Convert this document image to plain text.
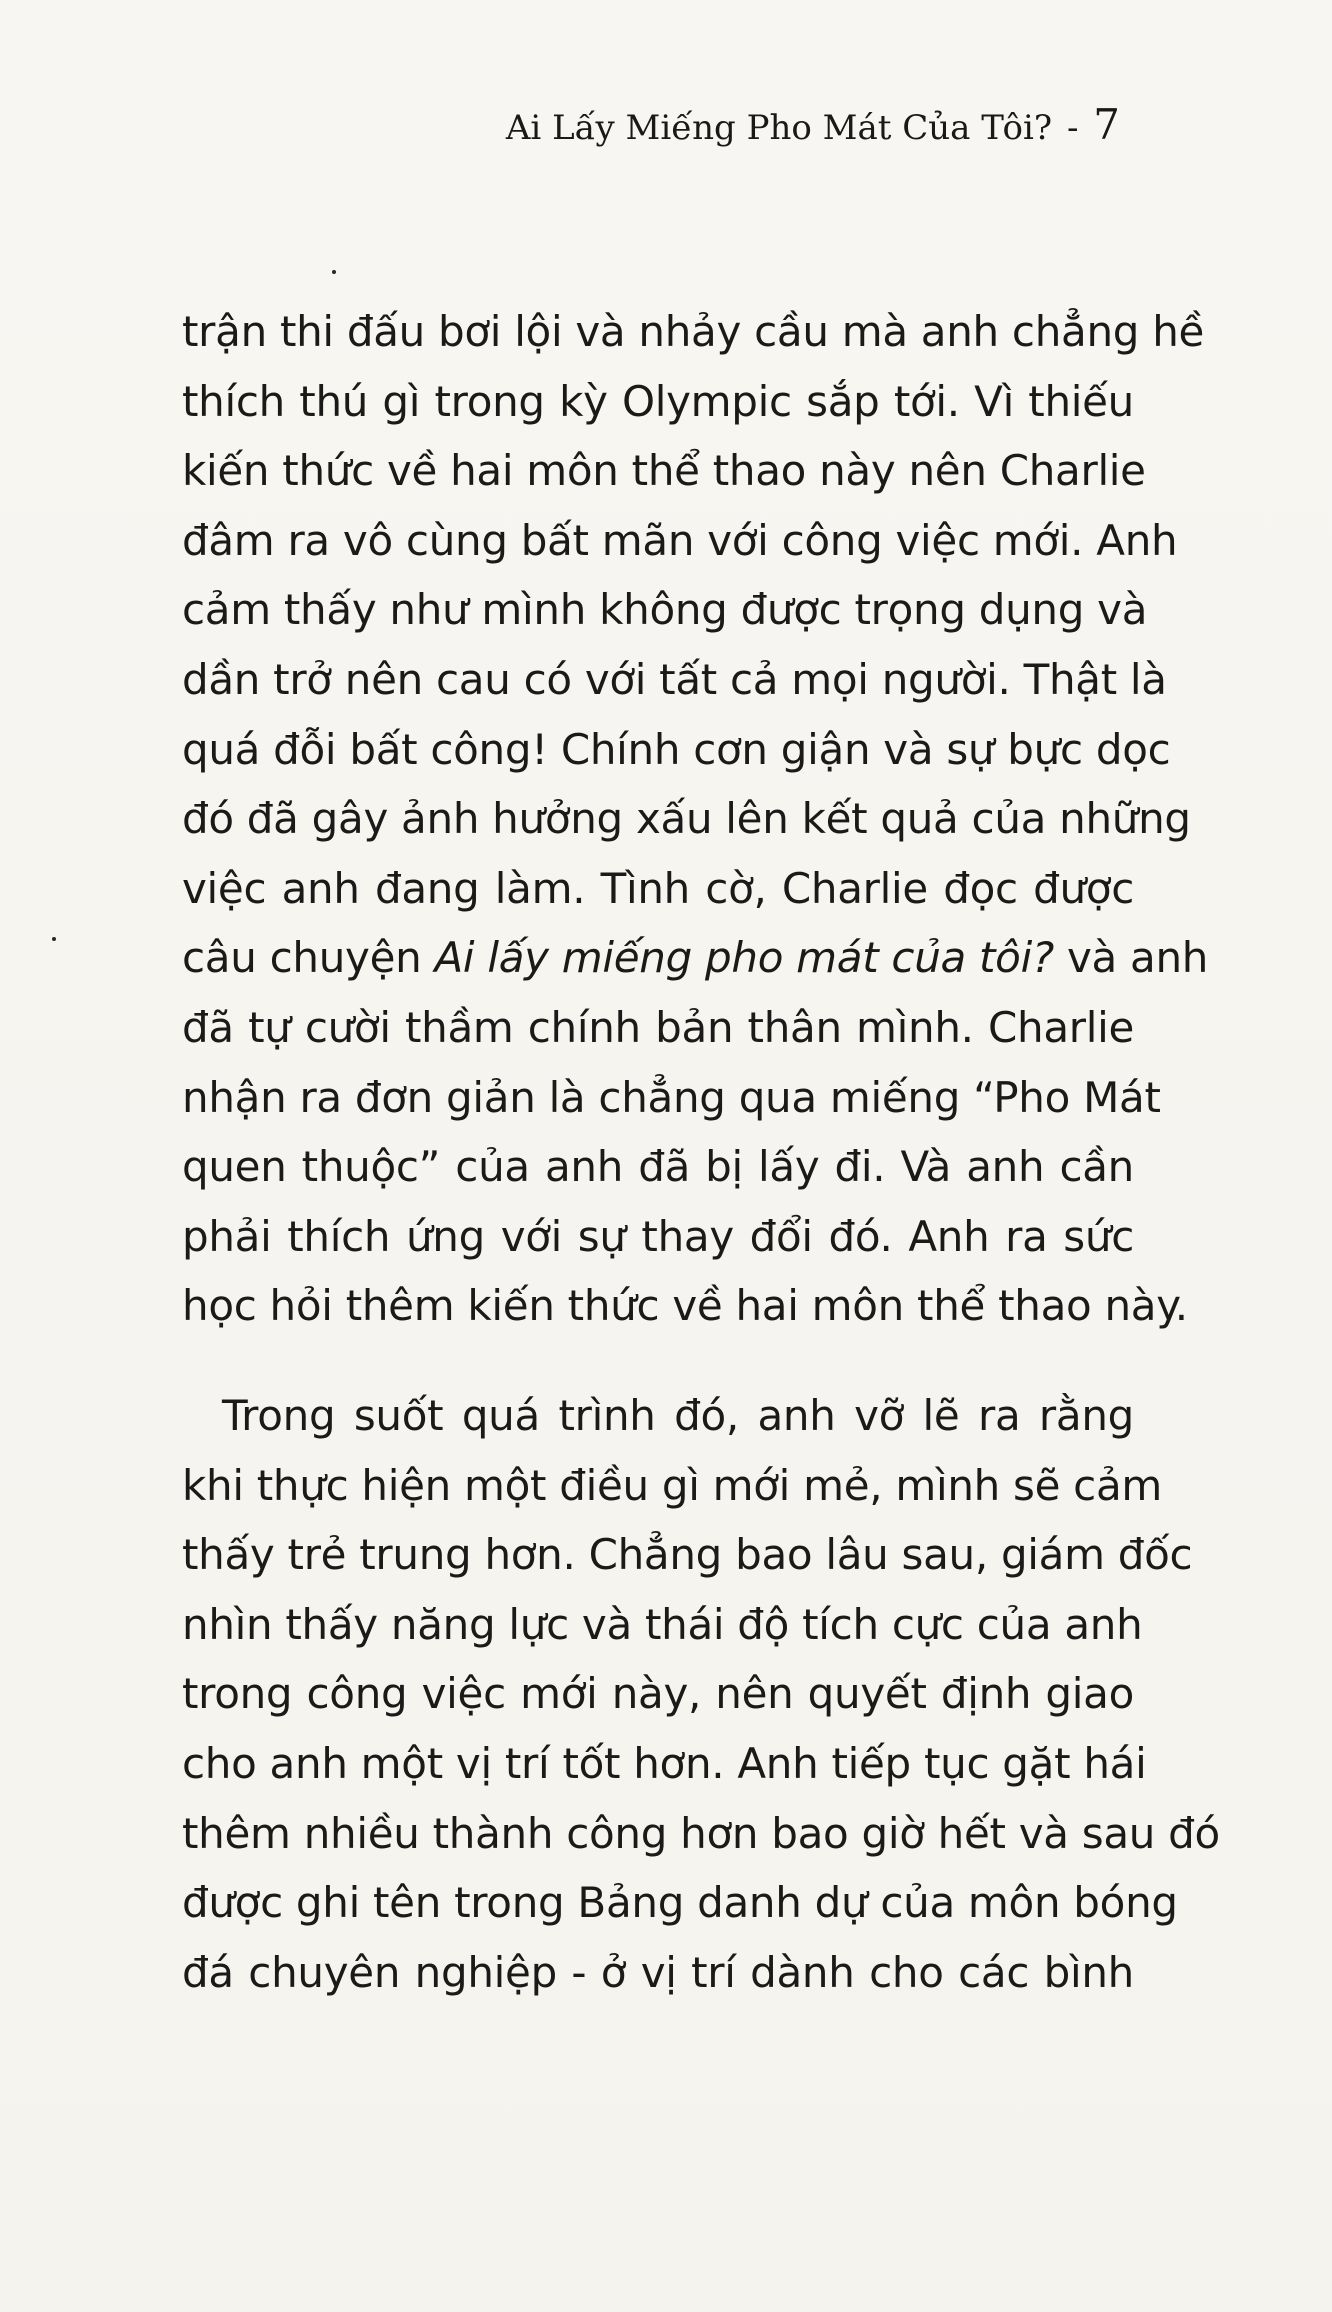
Ai Lấy Miếng Pho Mát Của Tôi? - 7
trận thi đấu bơi lội và nhảy cầu mà anh chẳng hề
thích thú gì trong kỳ Olympic sắp tới. Vì thiếu
kiến thức về hai môn thể thao này nên Charlie
đâm ra vô cùng bất mãn với công việc mới. Anh
cảm thấy như mình không được trọng dụng và
dần trở nên cau có với tất cả mọi người. Thật là
quá đỗi bất công! Chính cơn giận và sự bực dọc
đó đã gây ảnh hưởng xấu lên kết quả của những
việc anh đang làm. Tình cờ, Charlie đọc được
câu chuyện Ai lấy miếng pho mát của tôi? và anh
đã tự cười thầm chính bản thân mình. Charlie
nhận ra đơn giản là chẳng qua miếng “Pho Mát
quen thuộc” của anh đã bị lấy đi. Và anh cần
phải thích ứng với sự thay đổi đó. Anh ra sức
học hỏi thêm kiến thức về hai môn thể thao này.
Trong suốt quá trình đó, anh vỡ lẽ ra rằng
khi thực hiện một điều gì mới mẻ, mình sẽ cảm
thấy trẻ trung hơn. Chẳng bao lâu sau, giám đốc
nhìn thấy năng lực và thái độ tích cực của anh
trong công việc mới này, nên quyết định giao
cho anh một vị trí tốt hơn. Anh tiếp tục gặt hái
thêm nhiều thành công hơn bao giờ hết và sau đó
được ghi tên trong Bảng danh dự của môn bóng
đá chuyên nghiệp - ở vị trí dành cho các bình
